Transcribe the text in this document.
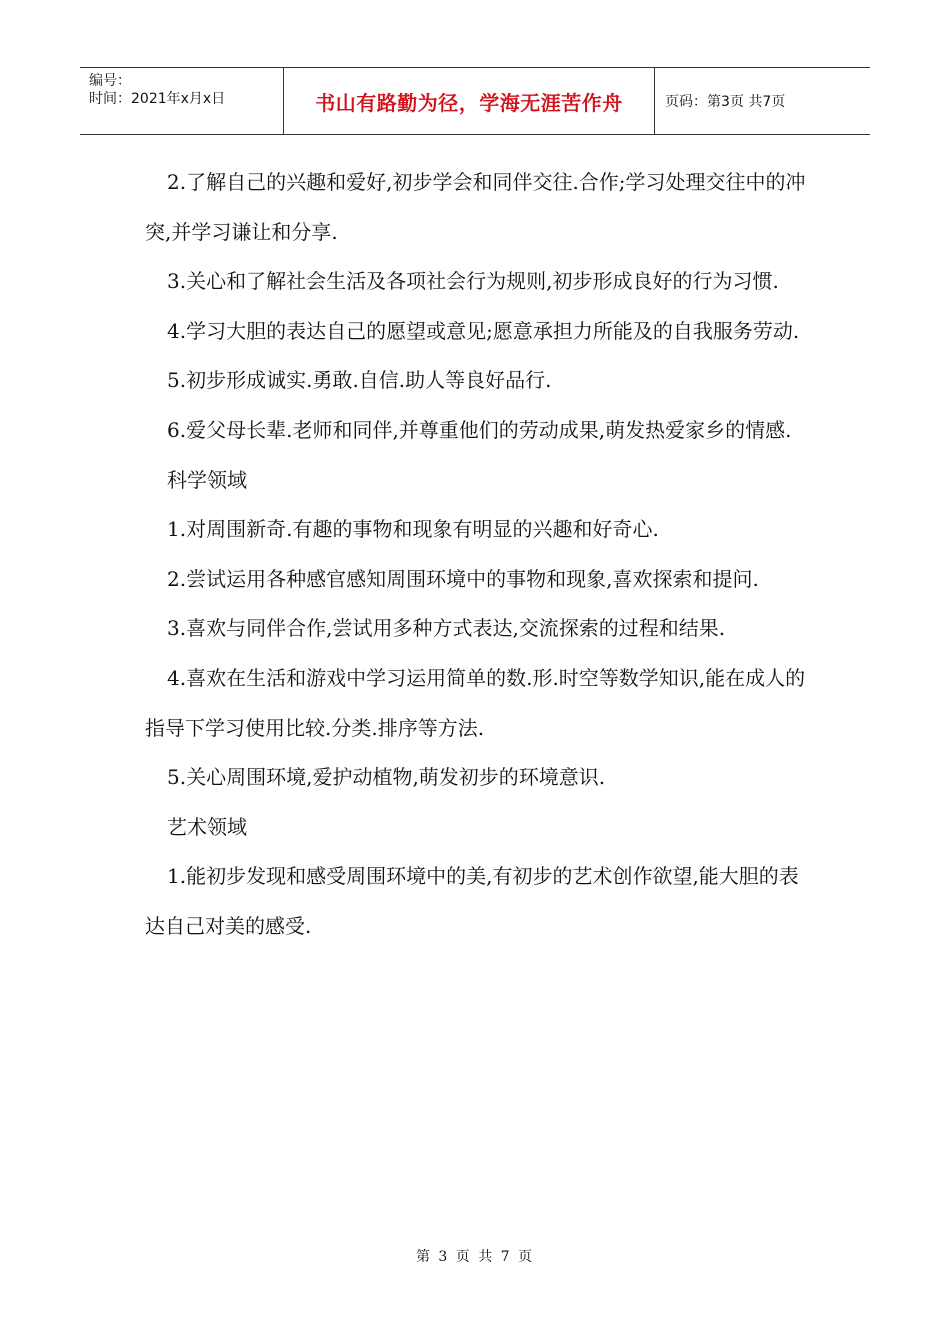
编号：
时间：2021年x月x日	书山有路勤为径，学海无涯苦作舟	页码：第3页 共7页

2.了解自己的兴趣和爱好,初步学会和同伴交往.合作;学习处理交往中的冲突,并学习谦让和分享.

3.关心和了解社会生活及各项社会行为规则,初步形成良好的行为习惯.

4.学习大胆的表达自己的愿望或意见;愿意承担力所能及的自我服务劳动.

5.初步形成诚实.勇敢.自信.助人等良好品行.

6.爱父母长辈.老师和同伴,并尊重他们的劳动成果,萌发热爱家乡的情感.

科学领域

1.对周围新奇.有趣的事物和现象有明显的兴趣和好奇心.

2.尝试运用各种感官感知周围环境中的事物和现象,喜欢探索和提问.

3.喜欢与同伴合作,尝试用多种方式表达,交流探索的过程和结果.

4.喜欢在生活和游戏中学习运用简单的数.形.时空等数学知识,能在成人的指导下学习使用比较.分类.排序等方法.

5.关心周围环境,爱护动植物,萌发初步的环境意识.

艺术领域

1.能初步发现和感受周围环境中的美,有初步的艺术创作欲望,能大胆的表达自己对美的感受.

第 3 页 共 7 页
